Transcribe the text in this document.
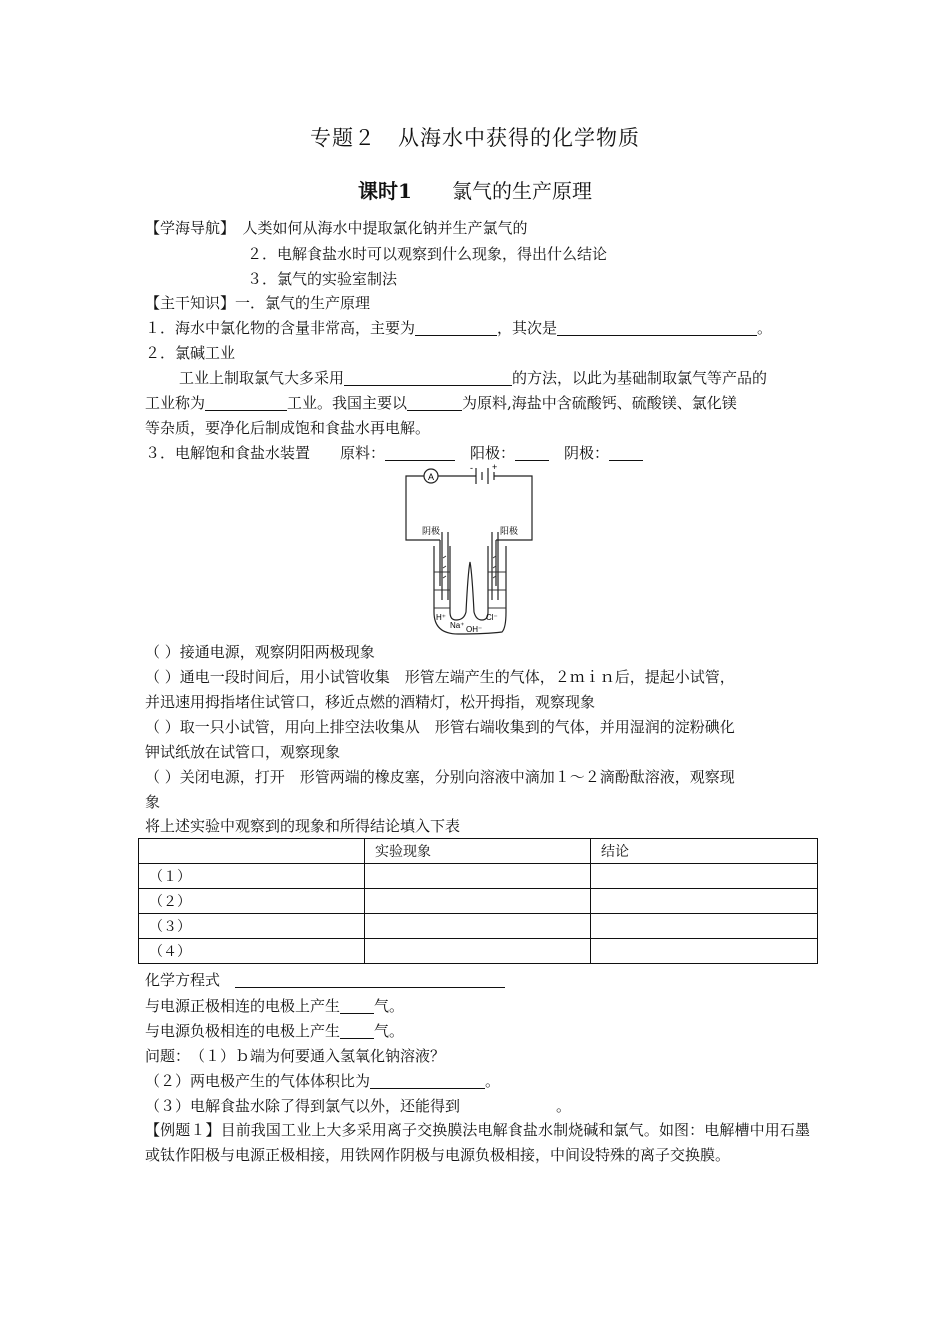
专题２　从海水中获得的化学物质
课时1　　 氯气的生产原理
【学海导航】　 人类如何从海水中提取氯化钠并生产氯气的
２．电解食盐水时可以观察到什么现象，得出什么结论
３．氯气的实验室制法
【主干知识】一．氯气的生产原理
１．海水中氯化物的含量非常高，主要为	，其次是	。
２．氯碱工业
工业上制取氯气大多采用	的方法，以此为基础制取氯气等产品的
工业称为	工业。我国主要以	为原料,海盐中含硫酸钙、硫酸镁、氯化镁
等杂质，要净化后制成饱和食盐水再电解。
３．电解饱和食盐水装置　　原料：	　阳极：　阴极：
A
- +
阴极	阳极
H⁺
Na⁺
Cl⁻
OH⁻
（ ）接通电源，观察阴阳两极现象
（ ）通电一段时间后，用小试管收集　形管左端产生的气体，２ｍｉｎ后，提起小试管，
并迅速用拇指堵住试管口，移近点燃的酒精灯，松开拇指，观察现象
（ ）取一只小试管，用向上排空法收集从　形管右端收集到的气体，并用湿润的淀粉碘化
钾试纸放在试管口，观察现象
（ ）关闭电源，打开　形管两端的橡皮塞，分别向溶液中滴加１～２滴酚酞溶液，观察现
象
将上述实验中观察到的现象和所得结论填入下表
	实验现象	结论
（１）		
（２）		
（３）		
（４）		
化学方程式　
与电源正极相连的电极上产生 气。
与电源负极相连的电极上产生 气。
问题：　（１）ｂ端为何要通入氢氧化钠溶液？
（２）两电极产生的气体体积比为	。
（３）电解食盐水除了得到氯气以外，还能得到	。
【例题１】目前我国工业上大多采用离子交换膜法电解食盐水制烧碱和氯气。如图：电解槽中用石墨或钛作阳极与电源正极相接，用铁网作阴极与电源负极相接，中间设特殊的离子交换膜。
